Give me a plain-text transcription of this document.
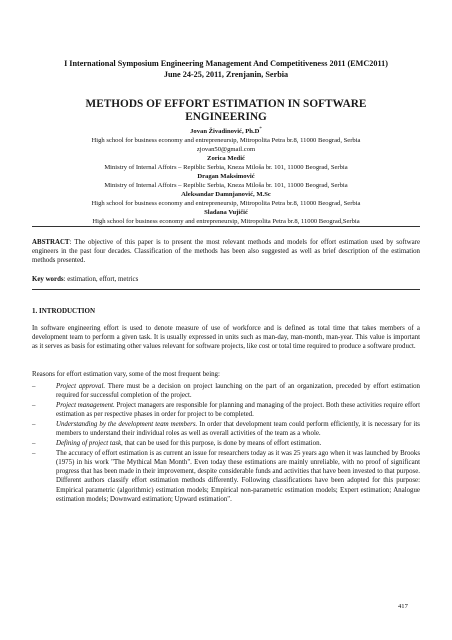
I International Symposium Engineering Management And Competitiveness 2011 (EMC2011)
June 24-25, 2011, Zrenjanin, Serbia
METHODS OF EFFORT ESTIMATION IN SOFTWARE
ENGINEERING
Jovan Živadinović, Ph.D*
High school for business economy and entrepreneursip, Mitropolita Petra br.8, 11000 Beograd, Serbia
zjovan50@gmail.com
Zorica Medić
Ministry of Internal Affoirs – Repiblic Serbia, Kneza Miloša br. 101, 11000 Beograd, Serbia
Dragan Maksimović
Ministry of Internal Affoirs – Repiblic Serbia, Kneza Miloša br. 101, 11000 Beograd, Serbia
Aleksandar Damnjanović, M.Sc
High school for business economy and entrepreneursip, Mitropolita Petra br.8, 11000 Beograd, Serbia
Slađana Vujičić
High school for business economy and entrepreneursip, Mitropolita Petra br.8, 11000 Beograd,Serbia
ABSTRACT: The objective of this paper is to present the most relevant methods and models for effort estimation used by software engineers in the past four decades. Classification of the methods has been also suggested as well as brief description of the estimation methods presented.
Key words: estimation, effort, metrics
1. INTRODUCTION
In software engineering effort is used to denote measure of use of workforce and is defined as total time that takes members of a development team to perform a given task. It is usually expressed in units such as man-day, man-month, man-year. This value is important as it serves as basis for estimating other values relevant for software projects, like cost or total time required to produce a software product.
Reasons for effort estimation vary, some of the most frequent being:
–	Project approval. There must be a decision on project launching on the part of an organization, preceded by effort estimation required for successful completion of the project.
–	Project management. Project managers are responsible for planning and managing of the project. Both these activities require effort estimation as per respective phases in order for project to be completed.
–	Understanding by the development team members. In order that development team could perform efficiently, it is necessary for its members to understand their individual roles as well as overall activities of the team as a whole.
–	Defining of project task, that can be used for this purpose, is done by means of effort estimation.
–	The accuracy of effort estimation is as current an issue for researchers today as it was 25 years ago when it was launched by Brooks (1975) in his work "The Mythical Man Month". Even today these estimations are mainly unreliable, with no proof of significant progress that has been made in their improvement, despite considerable funds and activities that have been invested to that purpose. Different authors classify effort estimation methods differently. Following classifications have been adopted for this purpose: Empirical parametric (algorithmic) estimation models; Empirical non-parametric estimation models; Expert estimation; Analogue estimation models; Downward estimation; Upward estimation".
417
